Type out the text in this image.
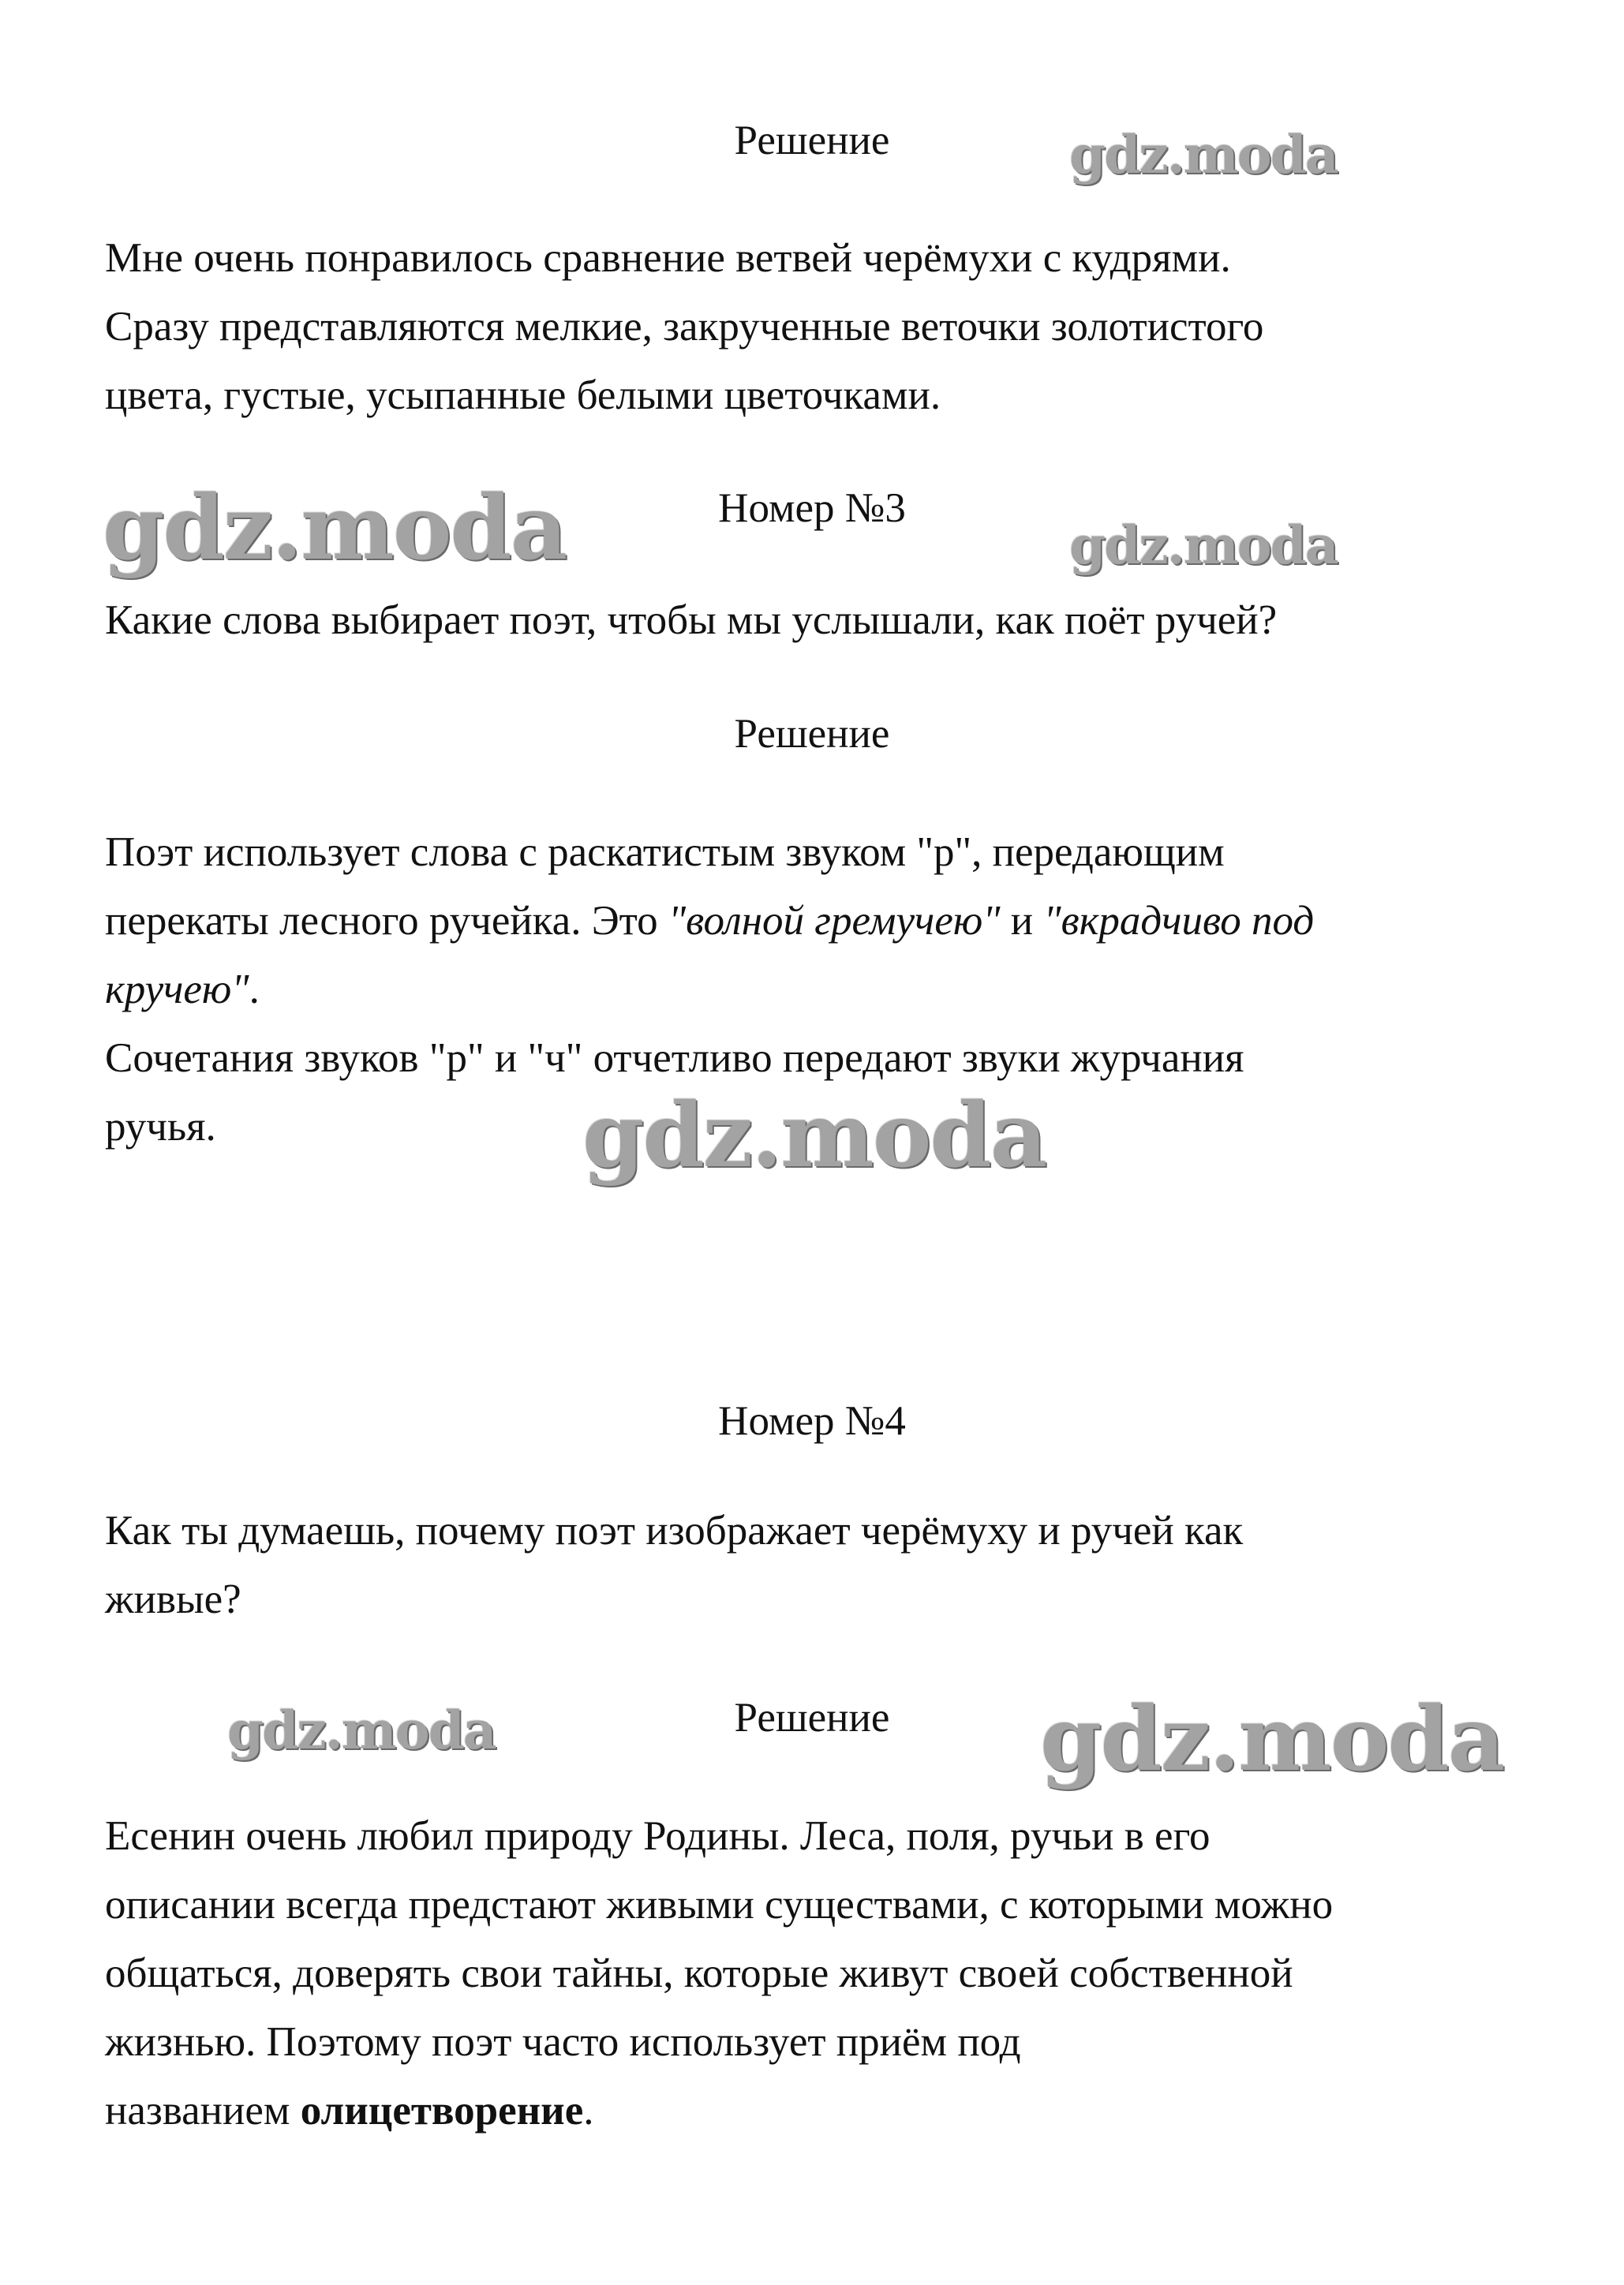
Решение
Мне очень понравилось сравнение ветвей черёмухи с кудрями.
Сразу представляются мелкие, закрученные веточки золотистого
цвета, густые, усыпанные белыми цветочками.
Номер №3
Какие слова выбирает поэт, чтобы мы услышали, как поёт ручей?
Решение
Поэт использует слова с раскатистым звуком "р", передающим
перекаты лесного ручейка. Это "волной гремучею" и "вкрадчиво под
кручею".
Сочетания звуков "р" и "ч" отчетливо передают звуки журчания
ручья.
Номер №4
Как ты думаешь, почему поэт изображает черёмуху и ручей как
живые?
Решение
Есенин очень любил природу Родины. Леса, поля, ручьи в его
описании всегда предстают живыми существами, с которыми можно
общаться, доверять свои тайны, которые живут своей собственной
жизнью. Поэтому поэт часто использует приём под
названием олицетворение.
gdz.moda
gdz.moda	gdz.moda
gdz.moda
gdz.moda	gdz.moda
